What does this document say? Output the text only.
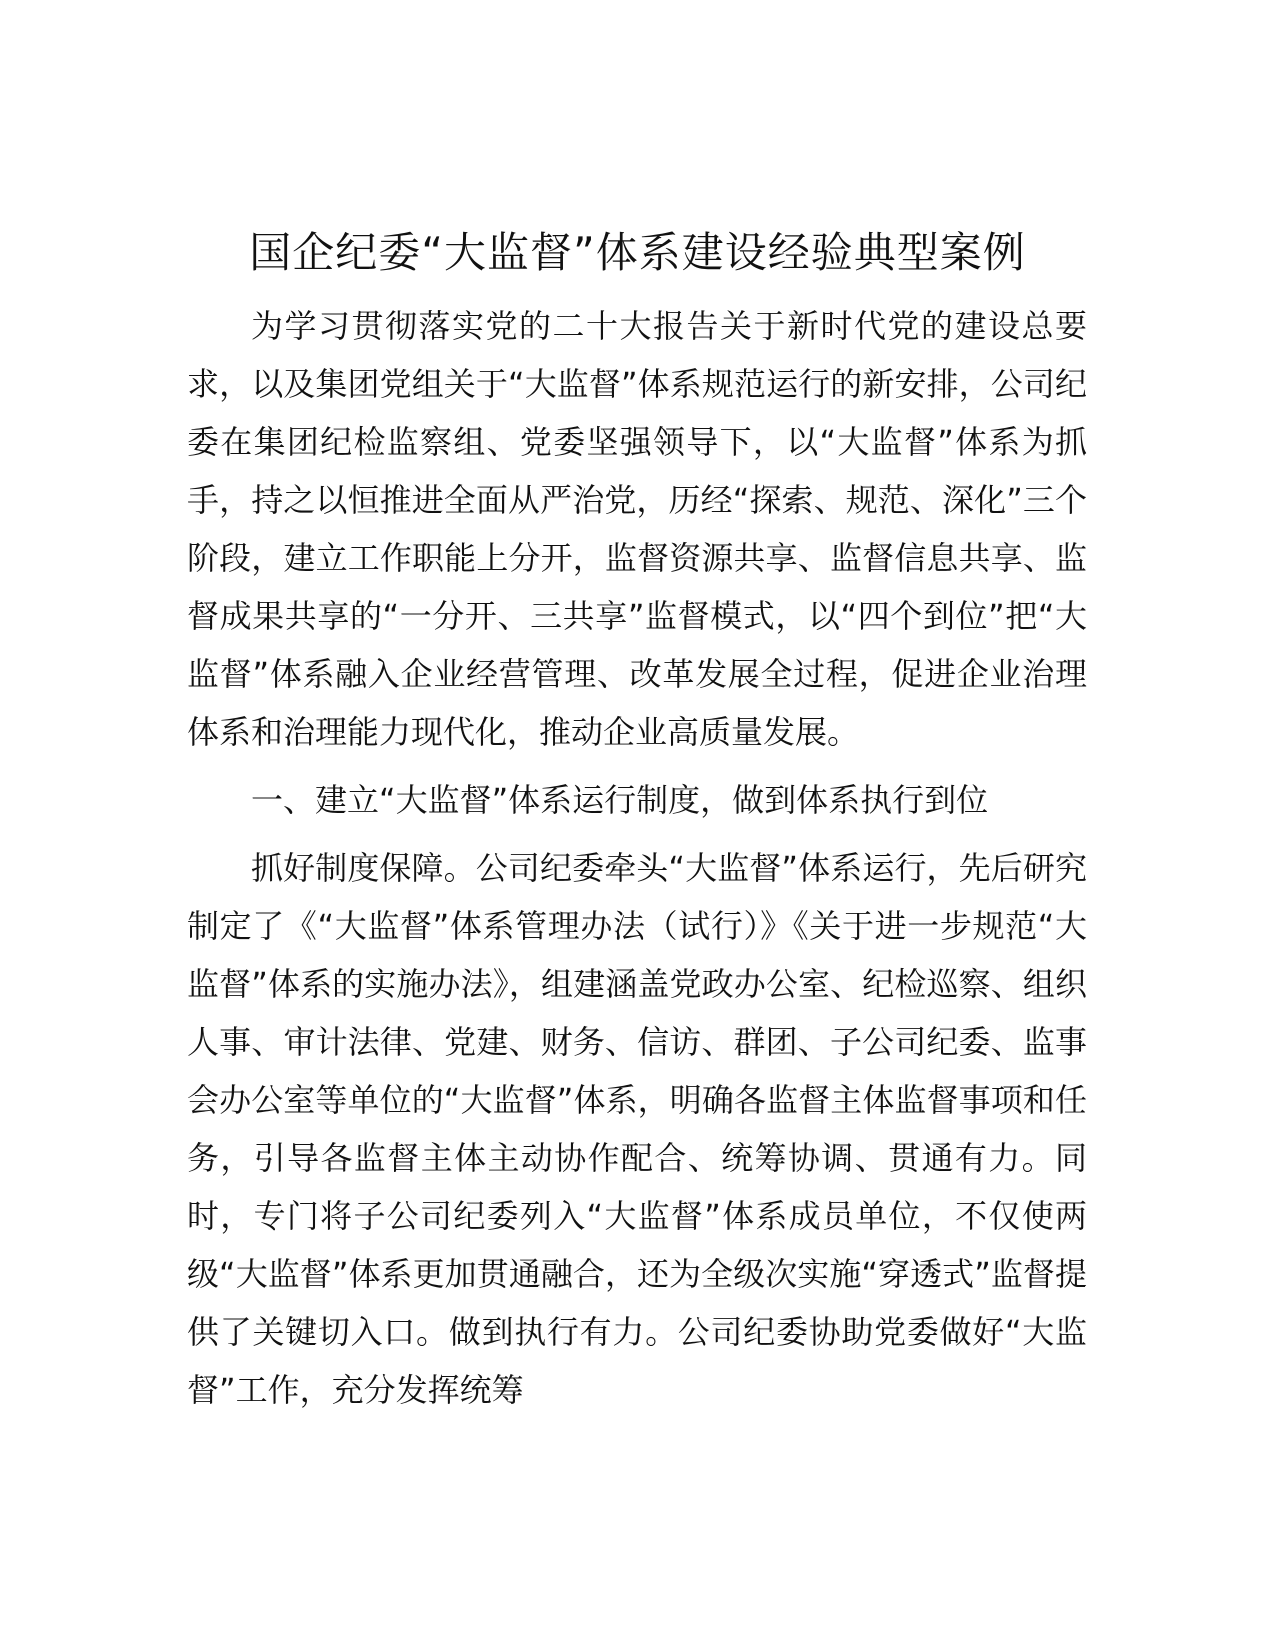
国企纪委“大监督”体系建设经验典型案例

为学习贯彻落实党的二十大报告关于新时代党的建设总要求，以及集团党组关于“大监督”体系规范运行的新安排，公司纪委在集团纪检监察组、党委坚强领导下，以“大监督”体系为抓手，持之以恒推进全面从严治党，历经“探索、规范、深化”三个阶段，建立工作职能上分开，监督资源共享、监督信息共享、监督成果共享的“一分开、三共享”监督模式，以“四个到位”把“大监督”体系融入企业经营管理、改革发展全过程，促进企业治理体系和治理能力现代化，推动企业高质量发展。

一、建立“大监督”体系运行制度，做到体系执行到位

抓好制度保障。公司纪委牵头“大监督”体系运行，先后研究制定了《“大监督”体系管理办法（试行）》《关于进一步规范“大监督”体系的实施办法》，组建涵盖党政办公室、纪检巡察、组织人事、审计法律、党建、财务、信访、群团、子公司纪委、监事会办公室等单位的“大监督”体系，明确各监督主体监督事项和任务，引导各监督主体主动协作配合、统筹协调、贯通有力。同时，专门将子公司纪委列入“大监督”体系成员单位，不仅使两级“大监督”体系更加贯通融合，还为全级次实施“穿透式”监督提供了关键切入口。做到执行有力。公司纪委协助党委做好“大监督”工作，充分发挥统筹
